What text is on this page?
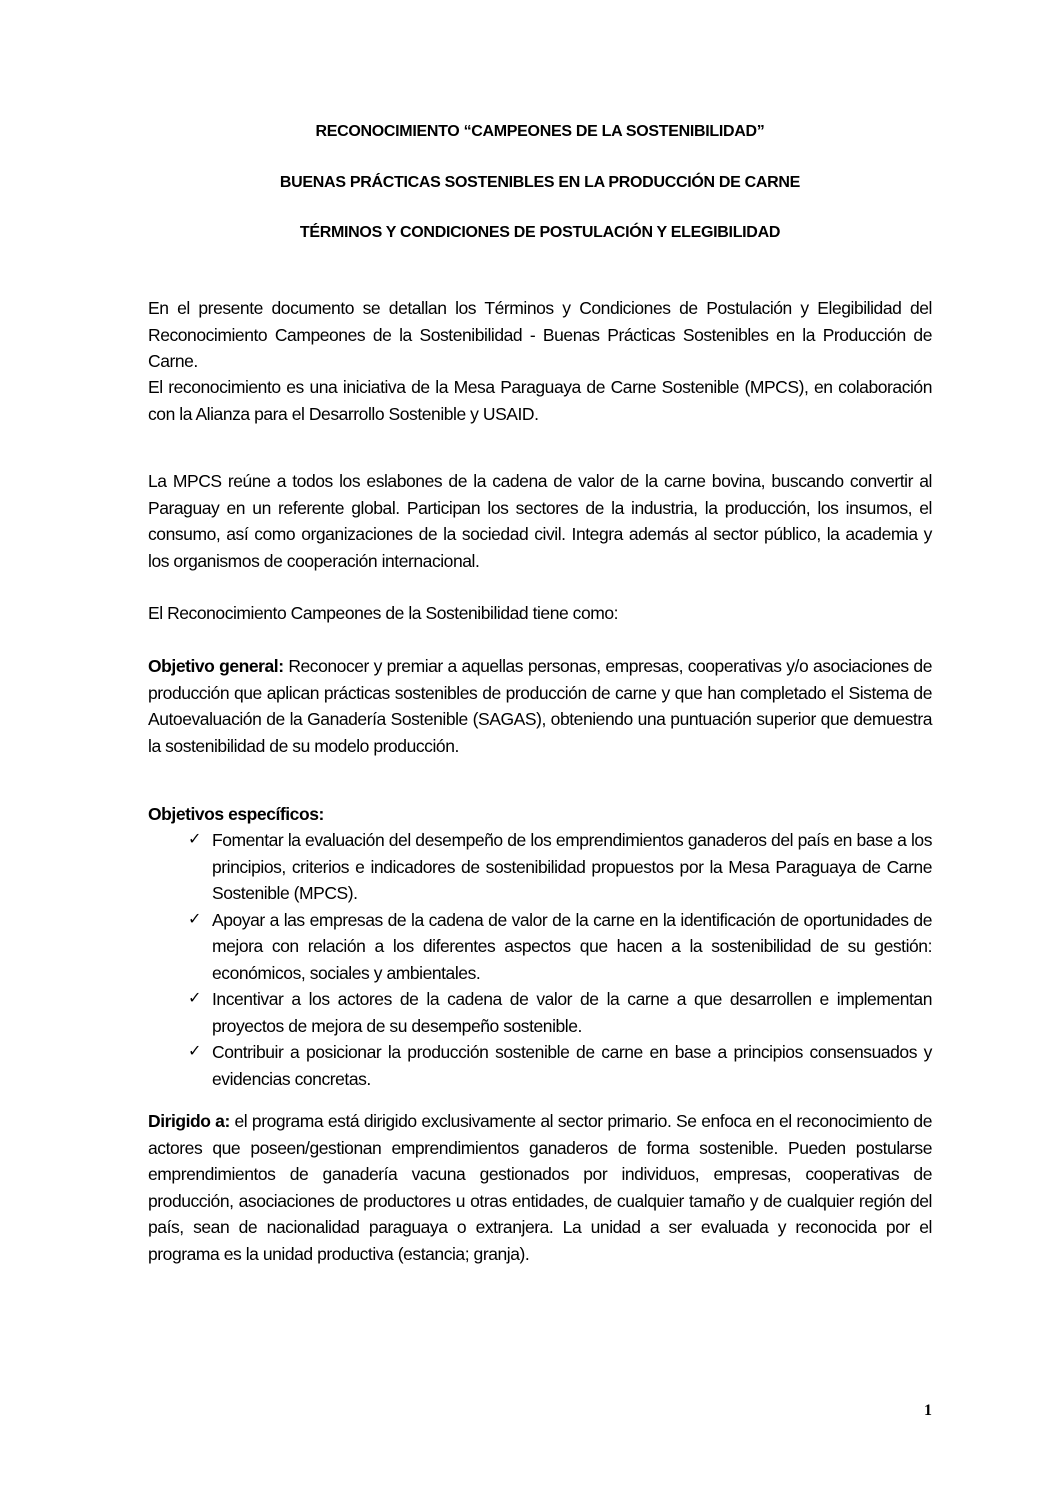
RECONOCIMIENTO “CAMPEONES DE LA SOSTENIBILIDAD”
BUENAS PRÁCTICAS SOSTENIBLES EN LA PRODUCCIÓN DE CARNE
TÉRMINOS Y CONDICIONES DE POSTULACIÓN Y ELEGIBILIDAD
En el presente documento se detallan los Términos y Condiciones de Postulación y Elegibilidad del Reconocimiento Campeones de la Sostenibilidad - Buenas Prácticas Sostenibles en la Producción de Carne.
El reconocimiento es una iniciativa de la Mesa Paraguaya de Carne Sostenible (MPCS), en colaboración con la Alianza para el Desarrollo Sostenible y USAID.
La MPCS reúne a todos los eslabones de la cadena de valor de la carne bovina, buscando convertir al Paraguay en un referente global. Participan los sectores de la industria, la producción, los insumos, el consumo, así como organizaciones de la sociedad civil. Integra además al sector público, la academia y los organismos de cooperación internacional.
El Reconocimiento Campeones de la Sostenibilidad tiene como:
Objetivo general: Reconocer y premiar a aquellas personas, empresas, cooperativas y/o asociaciones de producción que aplican prácticas sostenibles de producción de carne y que han completado el Sistema de Autoevaluación de la Ganadería Sostenible (SAGAS), obteniendo una puntuación superior que demuestra la sostenibilidad de su modelo producción.
Objetivos específicos:
✓ Fomentar la evaluación del desempeño de los emprendimientos ganaderos del país en base a los principios, criterios e indicadores de sostenibilidad propuestos por la Mesa Paraguaya de Carne Sostenible (MPCS).
✓ Apoyar a las empresas de la cadena de valor de la carne en la identificación de oportunidades de mejora con relación a los diferentes aspectos que hacen a la sostenibilidad de su gestión: económicos, sociales y ambientales.
✓ Incentivar a los actores de la cadena de valor de la carne a que desarrollen e implementan proyectos de mejora de su desempeño sostenible.
✓ Contribuir a posicionar la producción sostenible de carne en base a principios consensuados y evidencias concretas.
Dirigido a: el programa está dirigido exclusivamente al sector primario. Se enfoca en el reconocimiento de actores que poseen/gestionan emprendimientos ganaderos de forma sostenible. Pueden postularse emprendimientos de ganadería vacuna gestionados por individuos, empresas, cooperativas de producción, asociaciones de productores u otras entidades, de cualquier tamaño y de cualquier región del país, sean de nacionalidad paraguaya o extranjera. La unidad a ser evaluada y reconocida por el programa es la unidad productiva (estancia; granja).
1
